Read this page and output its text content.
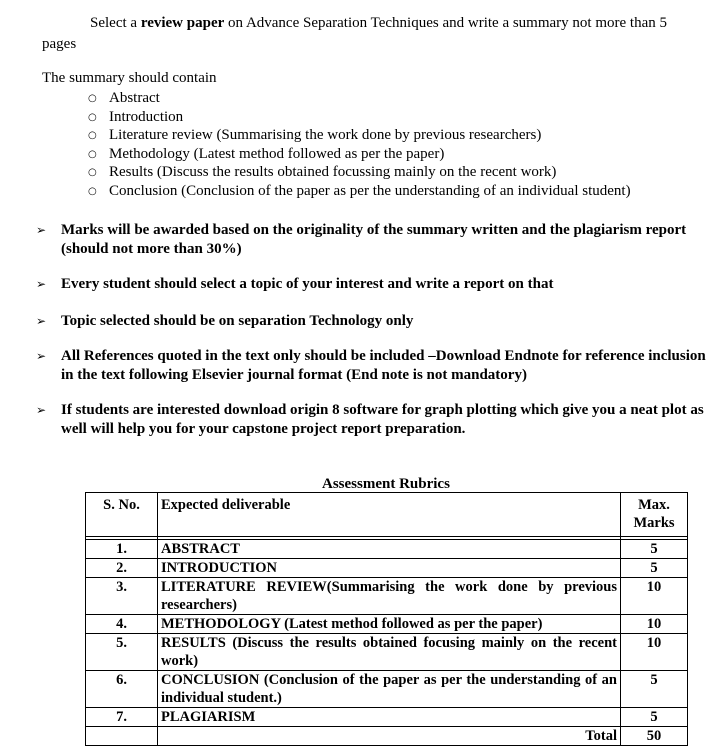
Select a review paper on Advance Separation Techniques and write a summary not more than 5
pages
The summary should contain
○ Abstract
○ Introduction
○ Literature review (Summarising the work done by previous researchers)
○ Methodology (Latest method followed as per the paper)
○ Results (Discuss the results obtained focussing mainly on the recent work)
○ Conclusion (Conclusion of the paper as per the understanding of an individual student)
➢ Marks will be awarded based on the originality of the summary written and the plagiarism report (should not more than 30%)
➢ Every student should select a topic of your interest and write a report on that
➢ Topic selected should be on separation Technology only
➢ All References quoted in the text only should be included –Download Endnote for reference inclusion in the text following Elsevier journal format (End note is not mandatory)
➢ If students are interested download origin 8 software for graph plotting which give you a neat plot as well will help you for your capstone project report preparation.
Assessment Rubrics
S. No.	Expected deliverable	Max. Marks

1.	ABSTRACT	5
2.	INTRODUCTION	5
3.	LITERATURE REVIEW(Summarising the work done by previous researchers)	10
4.	METHODOLOGY (Latest method followed as per the paper)	10
5.	RESULTS (Discuss the results obtained focusing mainly on the recent work)	10
6.	CONCLUSION (Conclusion of the paper as per the understanding of an individual student.)	5
7.	PLAGIARISM	5
	Total	50
